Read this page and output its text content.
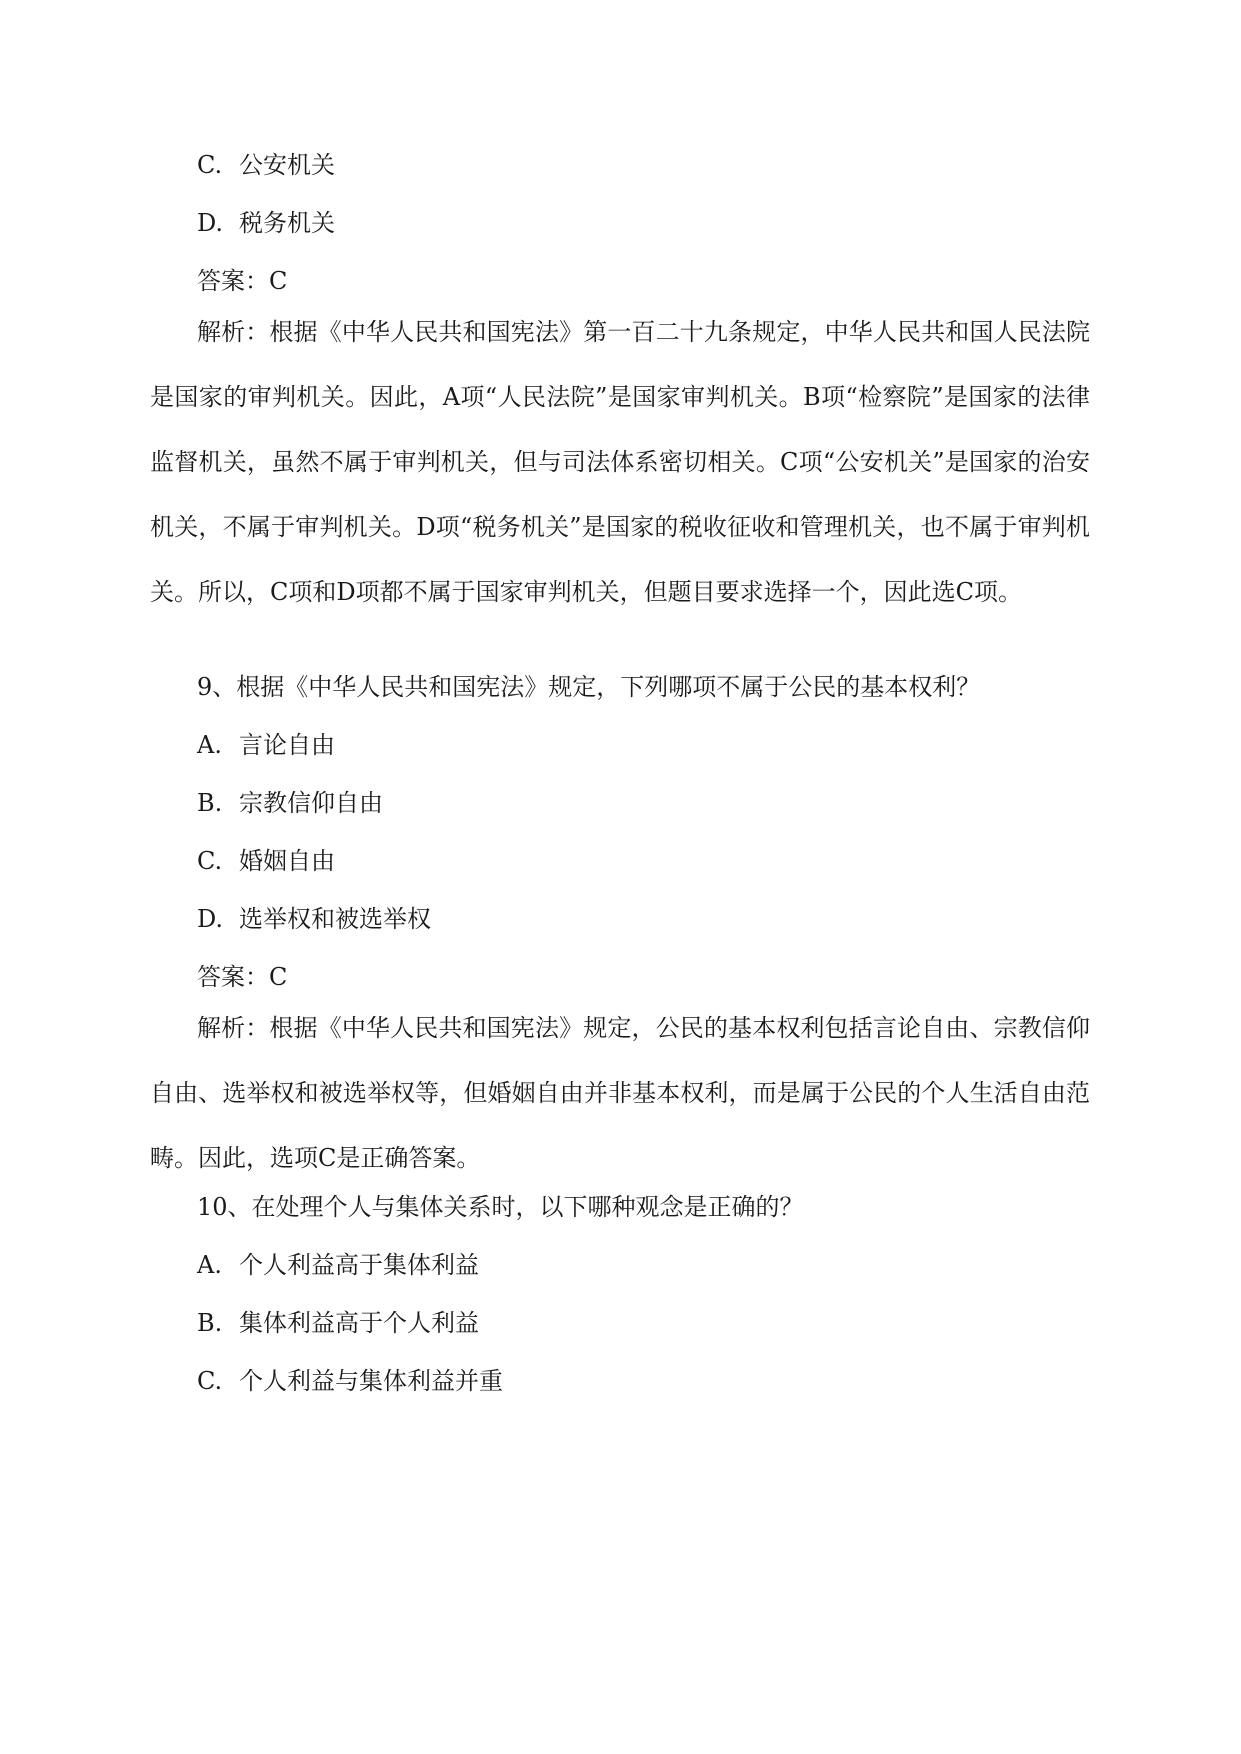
C. 公安机关
D. 税务机关
答案：C
解析：根据《中华人民共和国宪法》第一百二十九条规定，中华人民共和国人民法院是国家的审判机关。因此，A项“人民法院”是国家审判机关。B项“检察院”是国家的法律监督机关，虽然不属于审判机关，但与司法体系密切相关。C项“公安机关”是国家的治安机关，不属于审判机关。D项“税务机关”是国家的税收征收和管理机关，也不属于审判机关。所以，C项和D项都不属于国家审判机关，但题目要求选择一个，因此选C项。
9、根据《中华人民共和国宪法》规定，下列哪项不属于公民的基本权利？
A. 言论自由
B. 宗教信仰自由
C. 婚姻自由
D. 选举权和被选举权
答案：C
解析：根据《中华人民共和国宪法》规定，公民的基本权利包括言论自由、宗教信仰自由、选举权和被选举权等，但婚姻自由并非基本权利，而是属于公民的个人生活自由范畴。因此，选项C是正确答案。
10、在处理个人与集体关系时，以下哪种观念是正确的？
A. 个人利益高于集体利益
B. 集体利益高于个人利益
C. 个人利益与集体利益并重
